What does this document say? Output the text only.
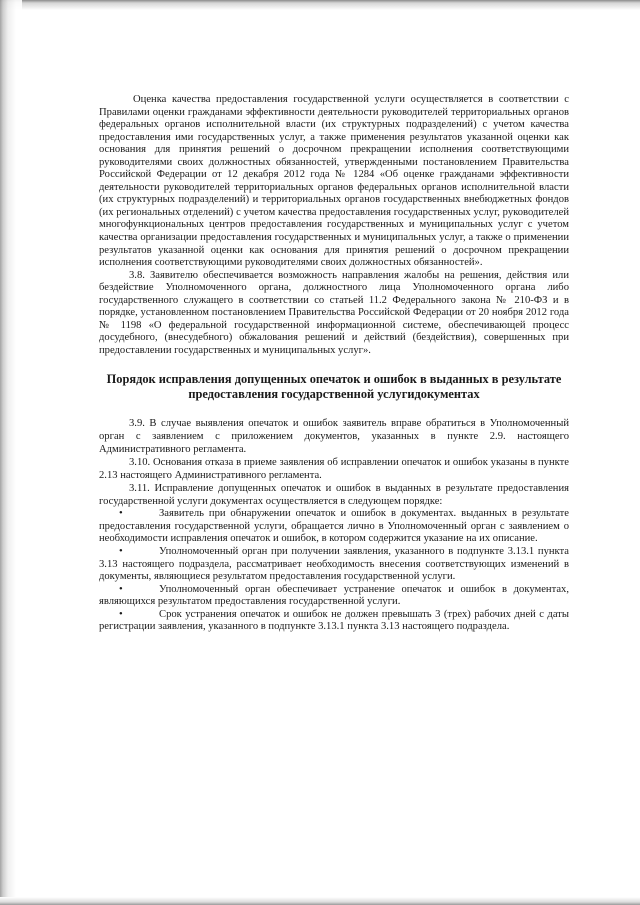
Оценка качества предоставления государственной услуги осуществляется в соответствии с Правилами оценки гражданами эффективности деятельности руководителей территориальных органов федеральных органов исполнительной власти (их структурных подразделений) с учетом качества предоставления ими государственных услуг, а также применения результатов указанной оценки как основания для принятия решений о досрочном прекращении исполнения соответствующими руководителями своих должностных обязанностей, утвержденными постановлением Правительства Российской Федерации от 12 декабря 2012 года № 1284 «Об оценке гражданами эффективности деятельности руководителей территориальных органов федеральных органов исполнительной власти (их структурных подразделений) и территориальных органов государственных внебюджетных фондов (их региональных отделений) с учетом качества предоставления государственных услуг, руководителей многофункциональных центров предоставления государственных и муниципальных услуг с учетом качества организации предоставления государственных и муниципальных услуг, а также о применении результатов указанной оценки как основания для принятия решений о досрочном прекращении исполнения соответствующими руководителями своих должностных обязанностей».

3.8. Заявителю обеспечивается возможность направления жалобы на решения, действия или бездействие Уполномоченного органа, должностного лица Уполномоченного органа либо государственного служащего в соответствии со статьей 11.2 Федерального закона № 210-ФЗ и в порядке, установленном постановлением Правительства Российской Федерации от 20 ноября 2012 года № 1198 «О федеральной государственной информационной системе, обеспечивающей процесс досудебного, (внесудебного) обжалования решений и действий (бездействия), совершенных при предоставлении государственных и муниципальных услуг».

Порядок исправления допущенных опечаток и ошибок в выданных в результате предоставления государственной услугидокументах

3.9. В случае выявления опечаток и ошибок заявитель вправе обратиться в Уполномоченный орган с заявлением с приложением документов, указанных в пункте 2.9. настоящего Административного регламента.

3.10. Основания отказа в приеме заявления об исправлении опечаток и ошибок указаны в пункте 2.13 настоящего Административного регламента.

3.11. Исправление допущенных опечаток и ошибок в выданных в результате предоставления государственной услуги документах осуществляется в следующем порядке:

•	Заявитель при обнаружении опечаток и ошибок в документах. выданных в результате предоставления государственной услуги, обращается лично в Уполномоченный орган с заявлением о необходимости исправления опечаток и ошибок, в котором содержится указание на их описание.

•	Уполномоченный орган при получении заявления, указанного в подпункте 3.13.1 пункта 3.13 настоящего подраздела, рассматривает необходимость внесения соответствующих изменений в документы, являющиеся результатом предоставления государственной услуги.

•	Уполномоченный орган обеспечивает устранение опечаток и ошибок в документах, являющихся результатом предоставления государственной услуги.

•	Срок устранения опечаток и ошибок не должен превышать 3 (трех) рабочих дней с даты регистрации заявления, указанного в подпункте 3.13.1 пункта 3.13 настоящего подраздела.
